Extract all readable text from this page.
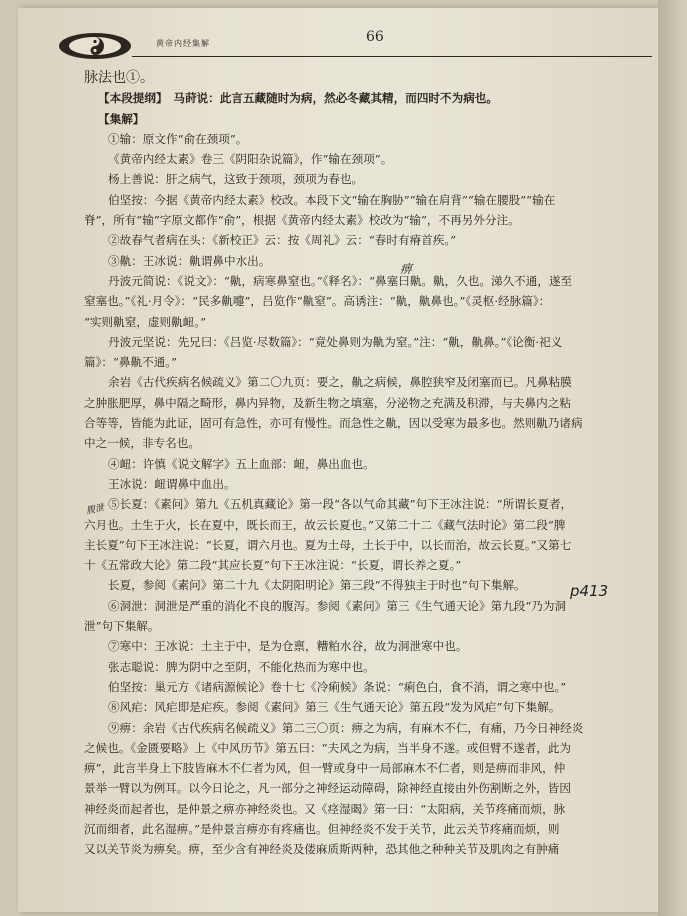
黄帝内经集解	66
脉法也①。
【本段提纲】　马莳说：此言五藏随时为病，然必冬藏其精，而四时不为病也。
【集解】
①输：原文作“俞在颈项”。
《黄帝内经太素》卷三《阴阳杂说篇》，作“输在颈项”。
杨上善说：肝之病气，这致于颈项，颈项为春也。
伯坚按：今据《黄帝内经太素》校改。本段下文“输在胸胁”“输在肩背”“输在腰股”“输在
脊”，所有“输”字原文都作“俞”，根据《黄帝内经太素》校改为“输”，不再另外分注。
②故春气者病在头：《新校正》云：按《周礼》云：“春时有瘠首疾。”
③鼽：王冰说：鼽谓鼻中水出。
丹波元简说：《说文》：“鼽，病寒鼻窒也。”《释名》：“鼻塞曰鼽。鼽，久也。涕久不通，遂至
窒塞也。”《礼·月令》：“民多鼽嚏”，吕览作“鼽窒”。高诱注：“鼽，鼽鼻也。”《灵枢·经脉篇》：
“实则鼽窒，虚则鼽衄。”
丹波元坚说：先兄曰：《吕览·尽数篇》：“竟处鼻则为鼽为窒。”注：“鼽，鼽鼻。”《论衡·祀义
篇》：“鼻鼽不通。”
余岩《古代疾病名候疏义》第二〇九页：要之，鼽之病候，鼻腔狭窄及闭塞而已。凡鼻粘膜
之肿胀肥厚，鼻中隔之畸形，鼻内异物，及新生物之填塞，分泌物之充满及积滞，与夫鼻内之粘
合等等，皆能为此证，固可有急性，亦可有慢性。而急性之鼽，因以受寒为最多也。然则鼽乃诸病
中之一候，非专名也。
④衄：许慎《说文解字》五上血部：衄，鼻出血也。
王冰说：衄谓鼻中血出。
⑤长夏：《素问》第九《五机真藏论》第一段“各以气命其藏”句下王冰注说：“所谓长夏者，
六月也。土生于火，长在夏中，既长而王，故云长夏也。”又第二十二《藏气法时论》第二段“脾
主长夏”句下王冰注说：“长夏，谓六月也。夏为土母，土长于中，以长而治，故云长夏。”又第七
十《五常政大论》第二段“其应长夏”句下王冰注说：“长夏，谓长养之夏。”
长夏，参阅《素问》第二十九《太阴阳明论》第三段“不得独主于时也”句下集解。
⑥洞泄：洞泄是严重的消化不良的腹泻。参阅《素问》第三《生气通天论》第九段“乃为洞
泄”句下集解。
⑦寒中：王冰说：土主于中，是为仓禀，糟粕水谷，故为洞泄寒中也。
张志聪说：脾为阴中之至阴，不能化热而为寒中也。
伯坚按：巢元方《诸病源候论》卷十七《冷痢候》条说：“痢色白，食不消，谓之寒中也。”
⑧风疟：风疟即是疟疾。参阅《素问》第三《生气通天论》第五段“发为风疟”句下集解。
⑨痹：余岩《古代疾病名候疏义》第二三〇页：痹之为病，有麻木不仁，有痛，乃今日神经炎
之候也。《金匮要略》上《中风历节》第五曰：“夫风之为病，当半身不遂。或但臂不遂者，此为
痹”，此言半身上下肢皆麻木不仁者为风，但一臂或身中一局部麻木不仁者，则是痹而非风，仲
景举一臂以为例耳。以今日论之，凡一部分之神经运动障碍，除神经直接由外伤割断之外，皆因
神经炎而起者也，是仲景之痹亦神经炎也。又《痉湿暍》第一曰：“太阳病，关节疼痛而烦，脉
沉而细者，此名湿痹。”是仲景言痹亦有疼痛也。但神经炎不发于关节，此云关节疼痛而烦，则
又以关节炎为痹矣。痹，至少含有神经炎及偻麻质斯两种，恐其他之种种关节及肌肉之有肿痛
p413
痹
腹泄
